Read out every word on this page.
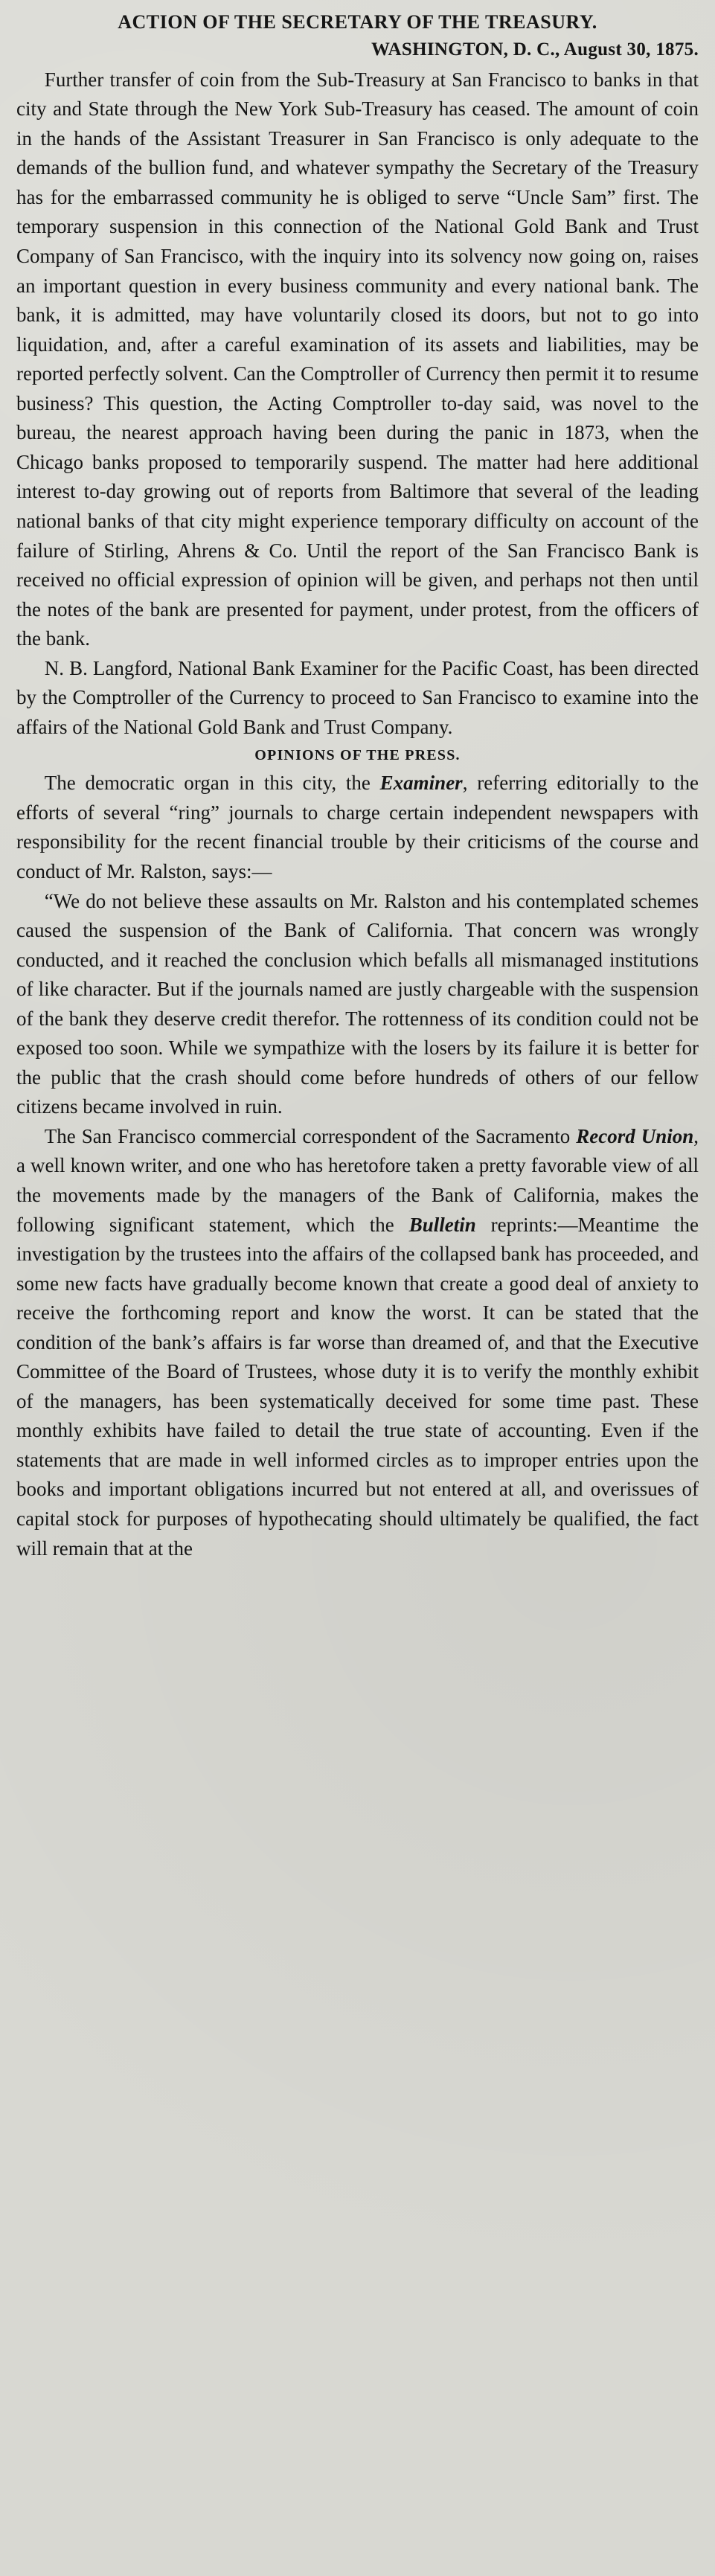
ACTION OF THE SECRETARY OF THE TREASURY.
WASHINGTON, D. C., August 30, 1875.

Further transfer of coin from the Sub-Treasury at San Francisco to banks in that city and State through the New York Sub-Treasury has ceased. The amount of coin in the hands of the Assistant Treasurer in San Francisco is only adequate to the demands of the bullion fund, and whatever sympathy the Secretary of the Treasury has for the embarrassed community he is obliged to serve “Uncle Sam” first. The temporary suspension in this connection of the National Gold Bank and Trust Company of San Francisco, with the inquiry into its solvency now going on, raises an important question in every business community and every national bank. The bank, it is admitted, may have voluntarily closed its doors, but not to go into liquidation, and, after a careful examination of its assets and liabilities, may be reported perfectly solvent. Can the Comptroller of Currency then permit it to resume business? This question, the Acting Comptroller to-day said, was novel to the bureau, the nearest approach having been during the panic in 1873, when the Chicago banks proposed to temporarily suspend. The matter had here additional interest to-day growing out of reports from Baltimore that several of the leading national banks of that city might experience temporary difficulty on account of the failure of Stirling, Ahrens & Co. Until the report of the San Francisco Bank is received no official expression of opinion will be given, and perhaps not then until the notes of the bank are presented for payment, under protest, from the officers of the bank.

N. B. Langford, National Bank Examiner for the Pacific Coast, has been directed by the Comptroller of the Currency to proceed to San Francisco to examine into the affairs of the National Gold Bank and Trust Company.

OPINIONS OF THE PRESS.

The democratic organ in this city, the Examiner, referring editorially to the efforts of several “ring” journals to charge certain independent newspapers with responsibility for the recent financial trouble by their criticisms of the course and conduct of Mr. Ralston, says:—

“We do not believe these assaults on Mr. Ralston and his contemplated schemes caused the suspension of the Bank of California. That concern was wrongly conducted, and it reached the conclusion which befalls all mismanaged institutions of like character. But if the journals named are justly chargeable with the suspension of the bank they deserve credit therefor. The rottenness of its condition could not be exposed too soon. While we sympathize with the losers by its failure it is better for the public that the crash should come before hundreds of others of our fellow citizens became involved in ruin.

The San Francisco commercial correspondent of the Sacramento Record Union, a well known writer, and one who has heretofore taken a pretty favorable view of all the movements made by the managers of the Bank of California, makes the following significant statement, which the Bulletin reprints:—Meantime the investigation by the trustees into the affairs of the collapsed bank has proceeded, and some new facts have gradually become known that create a good deal of anxiety to receive the forthcoming report and know the worst. It can be stated that the condition of the bank’s affairs is far worse than dreamed of, and that the Executive Committee of the Board of Trustees, whose duty it is to verify the monthly exhibit of the managers, has been systematically deceived for some time past. These monthly exhibits have failed to detail the true state of accounting. Even if the statements that are made in well informed circles as to improper entries upon the books and important obligations incurred but not entered at all, and overissues of capital stock for purposes of hypothecating should ultimately be qualified, the fact will remain that at the
